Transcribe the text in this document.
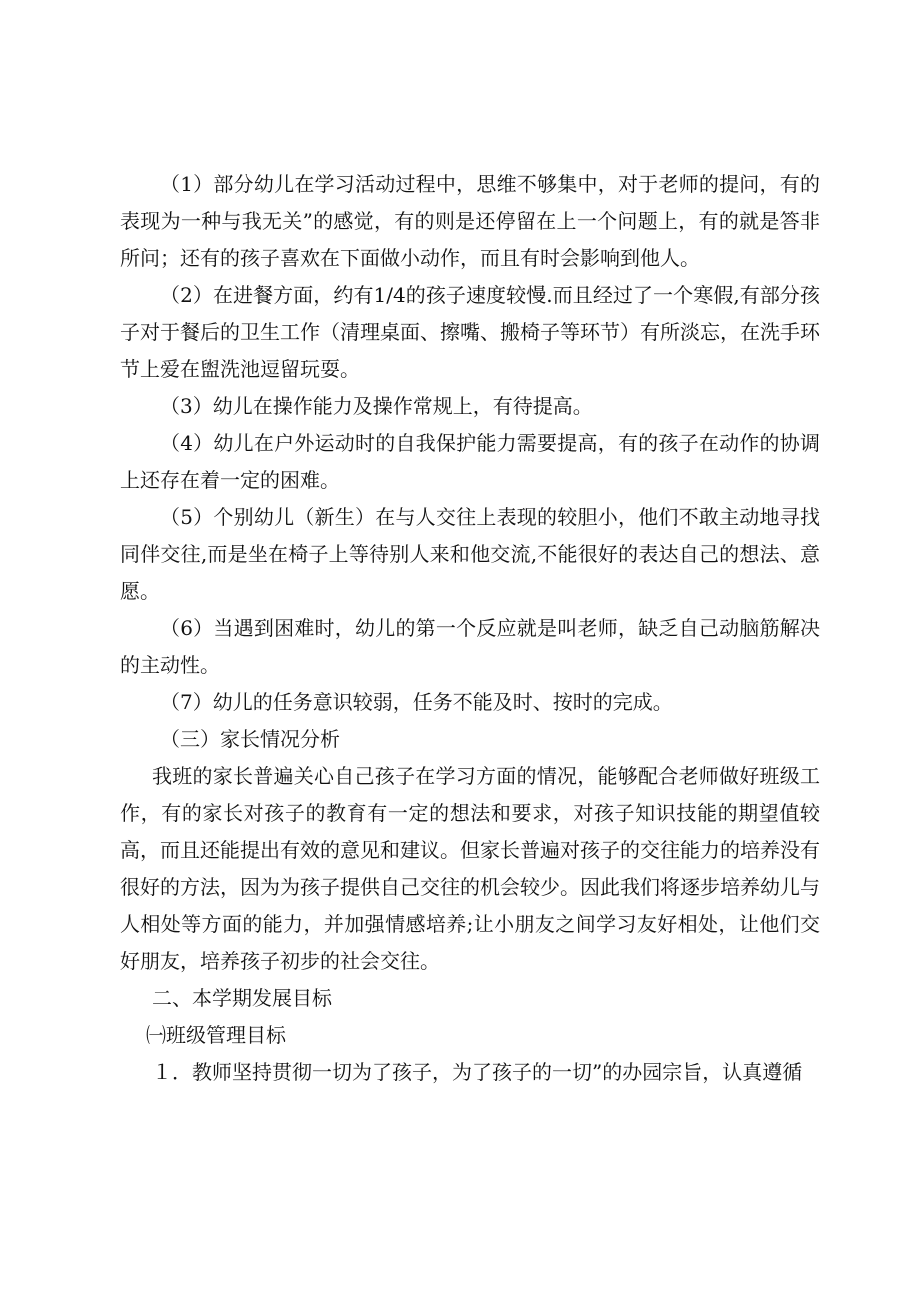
（1）部分幼儿在学习活动过程中，思维不够集中，对于老师的提问，有的表现为一种与我无关”的感觉，有的则是还停留在上一个问题上，有的就是答非所问；还有的孩子喜欢在下面做小动作，而且有时会影响到他人。

（2）在进餐方面，约有1/4的孩子速度较慢.而且经过了一个寒假,有部分孩子对于餐后的卫生工作（清理桌面、擦嘴、搬椅子等环节）有所淡忘，在洗手环节上爱在盥洗池逗留玩耍。

（3）幼儿在操作能力及操作常规上，有待提高。

（4）幼儿在户外运动时的自我保护能力需要提高，有的孩子在动作的协调上还存在着一定的困难。

（5）个别幼儿（新生）在与人交往上表现的较胆小，他们不敢主动地寻找同伴交往,而是坐在椅子上等待别人来和他交流,不能很好的表达自己的想法、意愿。

（6）当遇到困难时，幼儿的第一个反应就是叫老师，缺乏自己动脑筋解决的主动性。

（7）幼儿的任务意识较弱，任务不能及时、按时的完成。

（三）家长情况分析

我班的家长普遍关心自己孩子在学习方面的情况，能够配合老师做好班级工作，有的家长对孩子的教育有一定的想法和要求，对孩子知识技能的期望值较高，而且还能提出有效的意见和建议。但家长普遍对孩子的交往能力的培养没有很好的方法，因为为孩子提供自己交往的机会较少。因此我们将逐步培养幼儿与人相处等方面的能力，并加强情感培养;让小朋友之间学习友好相处，让他们交好朋友，培养孩子初步的社会交往。

二、本学期发展目标

㈠班级管理目标

１．教师坚持贯彻一切为了孩子，为了孩子的一切”的办园宗旨，认真遵循
